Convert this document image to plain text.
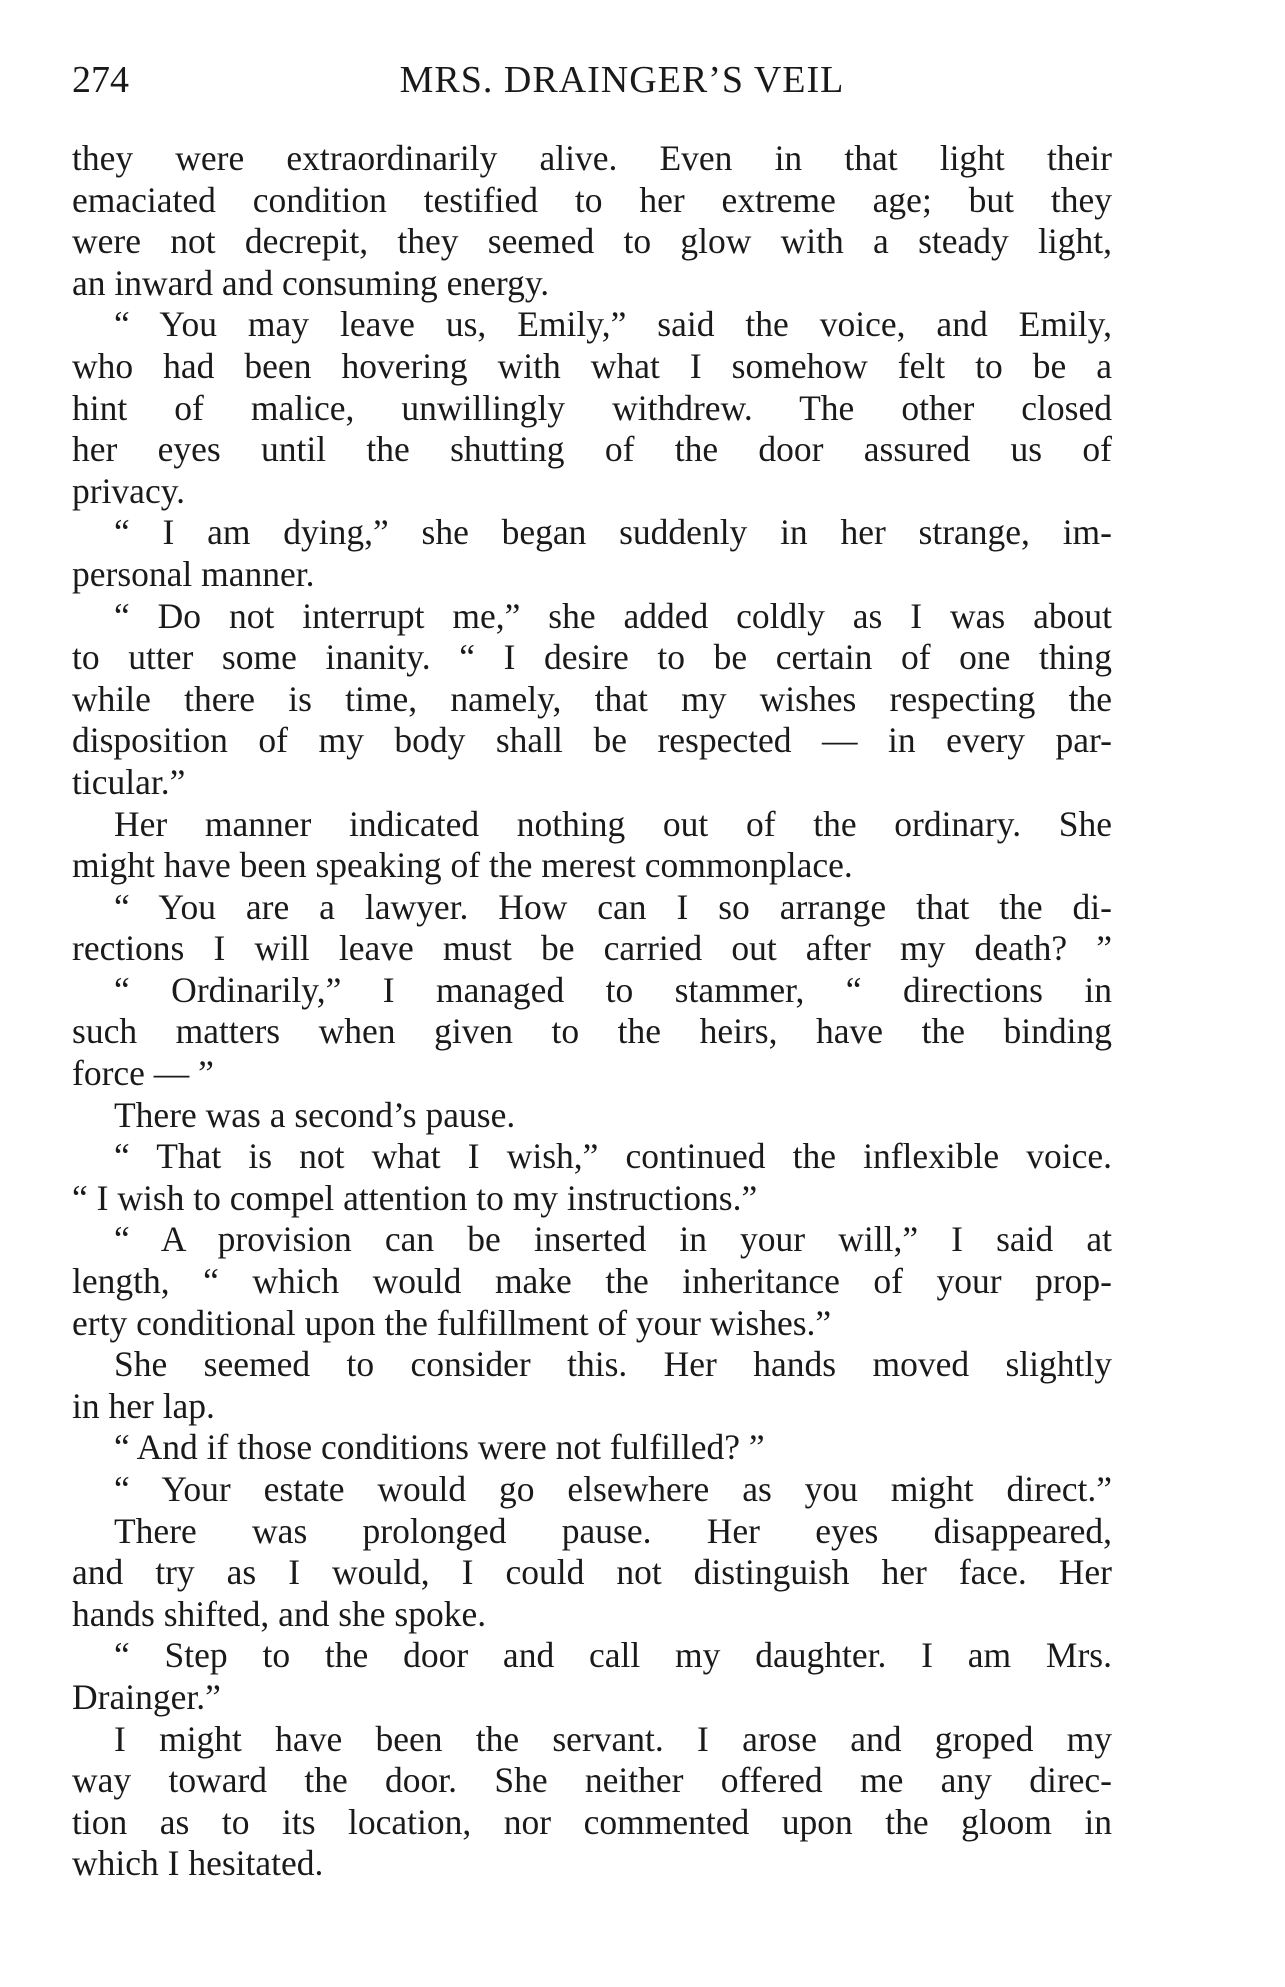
274	MRS. DRAINGER’S VEIL
they were extraordinarily alive. Even in that light their
emaciated condition testified to her extreme age; but they
were not decrepit, they seemed to glow with a steady light,
an inward and consuming energy.
“ You may leave us, Emily,” said the voice, and Emily,
who had been hovering with what I somehow felt to be a
hint of malice, unwillingly withdrew. The other closed
her eyes until the shutting of the door assured us of
privacy.
“ I am dying,” she began suddenly in her strange, im-
personal manner.
“ Do not interrupt me,” she added coldly as I was about
to utter some inanity. “ I desire to be certain of one thing
while there is time, namely, that my wishes respecting the
disposition of my body shall be respected — in every par-
ticular.”
Her manner indicated nothing out of the ordinary. She
might have been speaking of the merest commonplace.
“ You are a lawyer. How can I so arrange that the di-
rections I will leave must be carried out after my death? ”
“ Ordinarily,” I managed to stammer, “ directions in
such matters when given to the heirs, have the binding
force — ”
There was a second’s pause.
“ That is not what I wish,” continued the inflexible voice.
“ I wish to compel attention to my instructions.”
“ A provision can be inserted in your will,” I said at
length, “ which would make the inheritance of your prop-
erty conditional upon the fulfillment of your wishes.”
She seemed to consider this. Her hands moved slightly
in her lap.
“ And if those conditions were not fulfilled? ”
“ Your estate would go elsewhere as you might direct.”
There was prolonged pause. Her eyes disappeared,
and try as I would, I could not distinguish her face. Her
hands shifted, and she spoke.
“ Step to the door and call my daughter. I am Mrs.
Drainger.”
I might have been the servant. I arose and groped my
way toward the door. She neither offered me any direc-
tion as to its location, nor commented upon the gloom in
which I hesitated.
